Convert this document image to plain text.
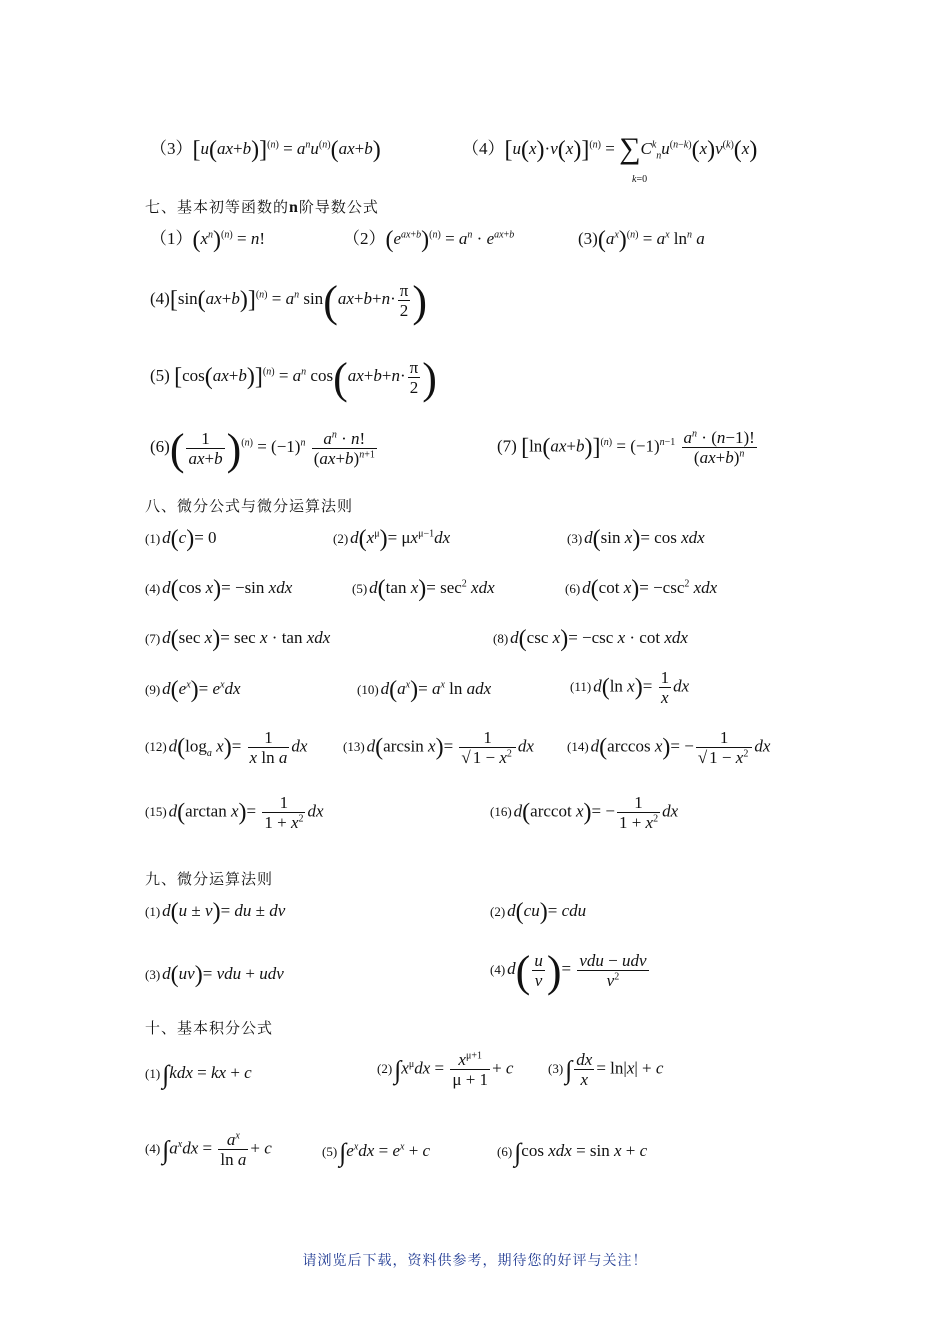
$(3)[u(ax+b)]^{(n)} = a^nu^{(n)}(ax+b)$	$(4)[u(x)\cdot v(x)]^{(n)} = \sum C^k_nu^{(n-k)}(x)v^{(k)}(x)$
k=0
七、基本初等函数的n阶导数公式
$(1)(x^n)^{(n)} = n$!	$(2)(e^{ax+b})^{(n)} = a^n \cdot e^{ax+b}$	$(3)(a^x)^{(n)} = a^x$ $\ln^n a$
$(4)[\sin(ax+b)]^{(n)} = a^n$ $\sin(ax+b+n\cdot \frac{\pi}{2}$ )
(5) $[\cos(ax+b)]^{(n)} = a^n$ $\cos(ax+b+n\cdot \frac{\pi}{2}$ )
$(6)( \frac{1}{ax+b} )^{(n)} = (-1)^n \frac{a^n \cdot n!}{(ax+b)^{n+1}}$	(7) $[\ln(ax+b)]^{(n)} = (-1)^{n-1} \frac{a^n \cdot (n-1)!}{(ax+b)^n}$
八、微分公式与微分运算法则
(1) d(c)= 0	(2) $d(x^\mu)= \mu x^{\mu-1}dx$	(3) d(sin x)= cos xdx
(4) d(cos x)= −sin xdx	(5) d(tan $x)= \sec^2$ xdx	(6) d(cot $x)= -\csc^2$ xdx
(7) d(sec x)= sec x · tan xdx	(8) d(csc x)= −csc x · cot xdx
(9) $d(e^x)= e^xdx$	(10) $d(a^x)= a^x$ ln adx	(11) d(ln $x)= \frac{1}{x}$ dx
(12) $d(\log_a$ $x)= \frac{1}{\text{x ln a}}$ dx	(13) d(arcsin $x)= \frac{1}{√ 1 - x^2}$ dx	(14) d(arccos $x)= - \frac{1}{√ 1 - x^2}$ dx
(15) d(arctan $x)= \frac{1}{1 + x^2}$ dx	(16) d(arccot $x)= - \frac{1}{1 + x^2}$ dx
九、微分运算法则
(1) d(u ± v)= du ± dv	(2) d(cu)= cdu
(3) d(uv)= vdu + udv	(4) $d( \frac{u}{v}$ )= vdu − udv
$v^2$
十、基本积分公式
(1)∫kdx = kx + c	$(2)\int x^\mu dx = \frac{x^{\mu+1}}{\mu + 1} + c$	$(3)\int \frac{dx}{x} = \ln|x| + c$
$(4)\int a^xdx = \frac{a^x}{\text{ln a}} + c$	$(5)\int e^xdx = e^x + c$	(6)∫cos xdx = sin x + c
请浏览后下载，资料供参考，期待您的好评与关注！
